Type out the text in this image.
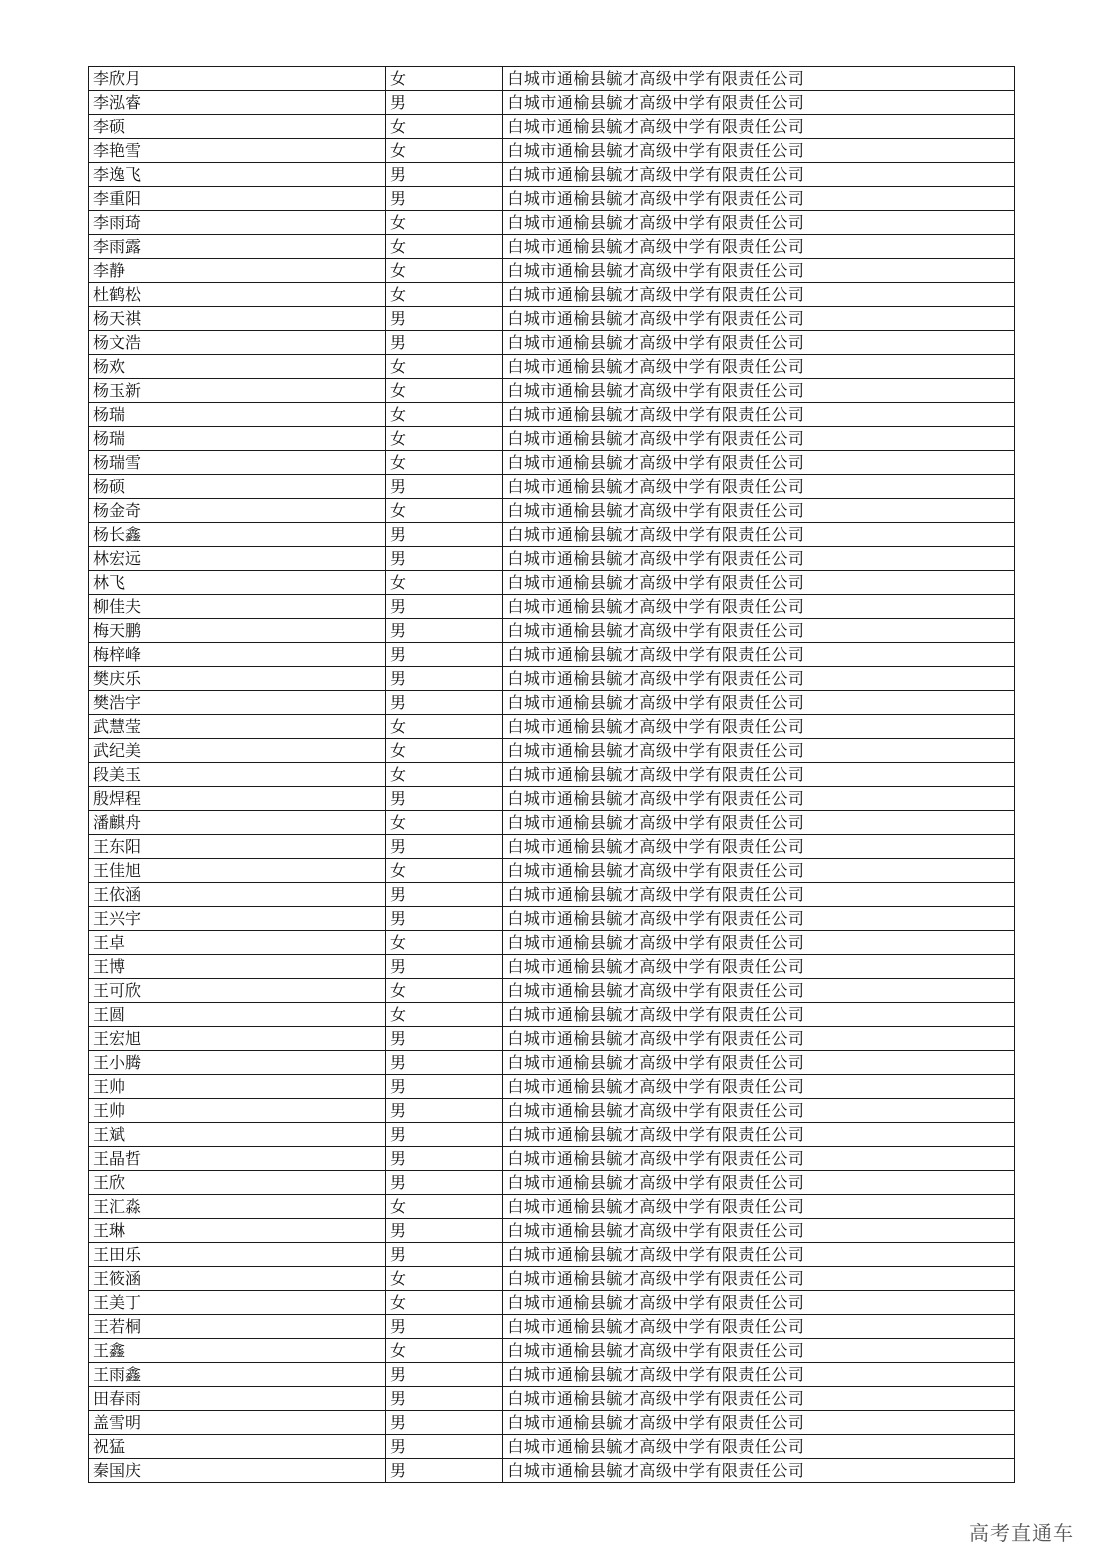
李欣月	女	白城市通榆县毓才高级中学有限责任公司
李泓睿	男	白城市通榆县毓才高级中学有限责任公司
李硕	女	白城市通榆县毓才高级中学有限责任公司
李艳雪	女	白城市通榆县毓才高级中学有限责任公司
李逸飞	男	白城市通榆县毓才高级中学有限责任公司
李重阳	男	白城市通榆县毓才高级中学有限责任公司
李雨琦	女	白城市通榆县毓才高级中学有限责任公司
李雨露	女	白城市通榆县毓才高级中学有限责任公司
李静	女	白城市通榆县毓才高级中学有限责任公司
杜鹤松	女	白城市通榆县毓才高级中学有限责任公司
杨天祺	男	白城市通榆县毓才高级中学有限责任公司
杨文浩	男	白城市通榆县毓才高级中学有限责任公司
杨欢	女	白城市通榆县毓才高级中学有限责任公司
杨玉新	女	白城市通榆县毓才高级中学有限责任公司
杨瑞	女	白城市通榆县毓才高级中学有限责任公司
杨瑞	女	白城市通榆县毓才高级中学有限责任公司
杨瑞雪	女	白城市通榆县毓才高级中学有限责任公司
杨硕	男	白城市通榆县毓才高级中学有限责任公司
杨金奇	女	白城市通榆县毓才高级中学有限责任公司
杨长鑫	男	白城市通榆县毓才高级中学有限责任公司
林宏远	男	白城市通榆县毓才高级中学有限责任公司
林飞	女	白城市通榆县毓才高级中学有限责任公司
柳佳夫	男	白城市通榆县毓才高级中学有限责任公司
梅天鹏	男	白城市通榆县毓才高级中学有限责任公司
梅梓峰	男	白城市通榆县毓才高级中学有限责任公司
樊庆乐	男	白城市通榆县毓才高级中学有限责任公司
樊浩宇	男	白城市通榆县毓才高级中学有限责任公司
武慧莹	女	白城市通榆县毓才高级中学有限责任公司
武纪美	女	白城市通榆县毓才高级中学有限责任公司
段美玉	女	白城市通榆县毓才高级中学有限责任公司
殷焊程	男	白城市通榆县毓才高级中学有限责任公司
潘麒舟	女	白城市通榆县毓才高级中学有限责任公司
王东阳	男	白城市通榆县毓才高级中学有限责任公司
王佳旭	女	白城市通榆县毓才高级中学有限责任公司
王依涵	男	白城市通榆县毓才高级中学有限责任公司
王兴宇	男	白城市通榆县毓才高级中学有限责任公司
王卓	女	白城市通榆县毓才高级中学有限责任公司
王博	男	白城市通榆县毓才高级中学有限责任公司
王可欣	女	白城市通榆县毓才高级中学有限责任公司
王圆	女	白城市通榆县毓才高级中学有限责任公司
王宏旭	男	白城市通榆县毓才高级中学有限责任公司
王小腾	男	白城市通榆县毓才高级中学有限责任公司
王帅	男	白城市通榆县毓才高级中学有限责任公司
王帅	男	白城市通榆县毓才高级中学有限责任公司
王斌	男	白城市通榆县毓才高级中学有限责任公司
王晶哲	男	白城市通榆县毓才高级中学有限责任公司
王欣	男	白城市通榆县毓才高级中学有限责任公司
王汇淼	女	白城市通榆县毓才高级中学有限责任公司
王琳	男	白城市通榆县毓才高级中学有限责任公司
王田乐	男	白城市通榆县毓才高级中学有限责任公司
王筱涵	女	白城市通榆县毓才高级中学有限责任公司
王美丁	女	白城市通榆县毓才高级中学有限责任公司
王若桐	男	白城市通榆县毓才高级中学有限责任公司
王鑫	女	白城市通榆县毓才高级中学有限责任公司
王雨鑫	男	白城市通榆县毓才高级中学有限责任公司
田春雨	男	白城市通榆县毓才高级中学有限责任公司
盖雪明	男	白城市通榆县毓才高级中学有限责任公司
祝猛	男	白城市通榆县毓才高级中学有限责任公司
秦国庆	男	白城市通榆县毓才高级中学有限责任公司
高考直通车
